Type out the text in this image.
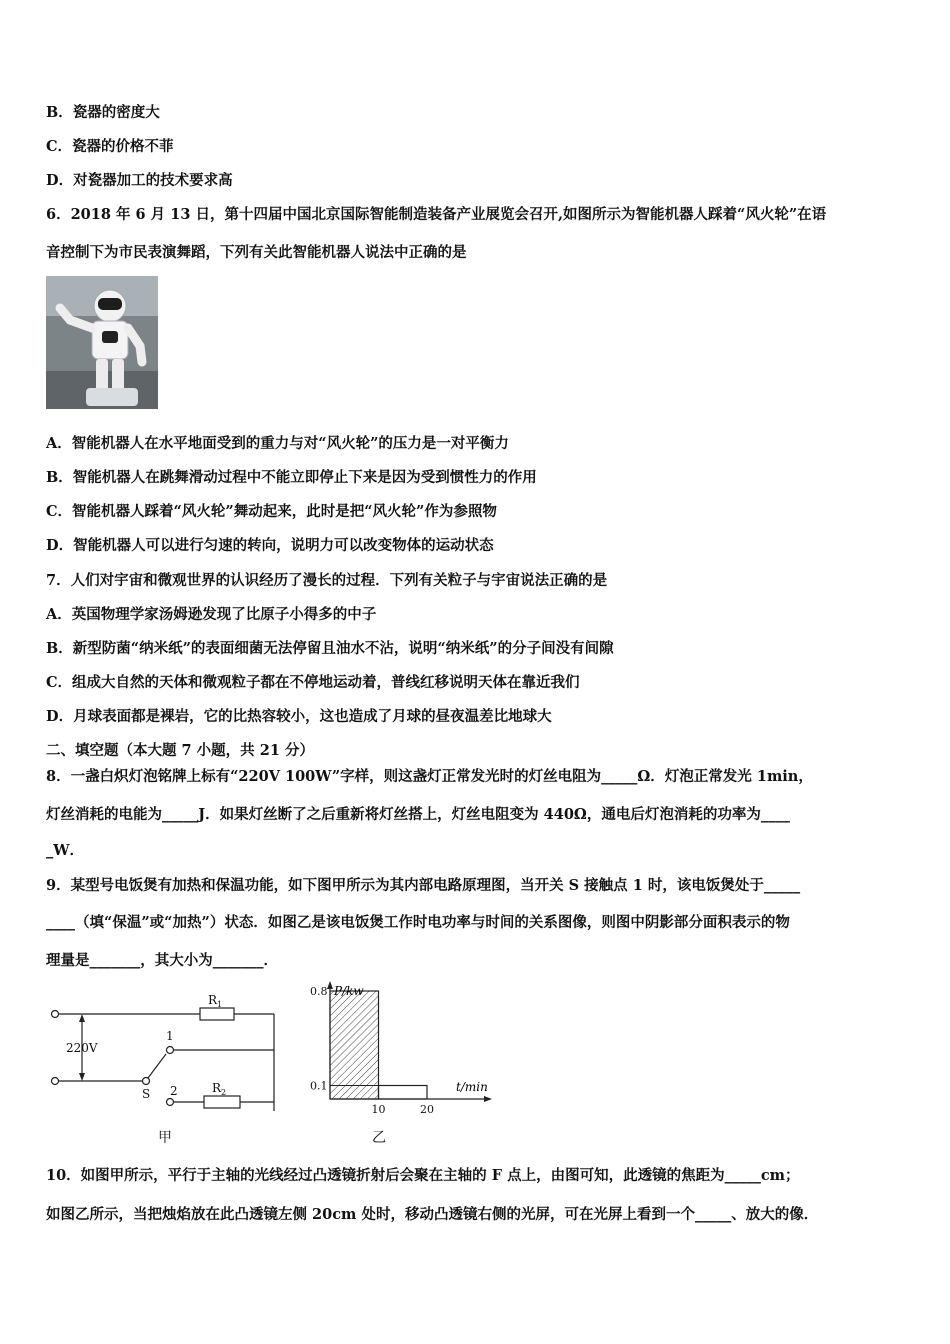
B．瓷器的密度大
C．瓷器的价格不菲
D．对瓷器加工的技术要求高
6．2018 年 6 月 13 日，第十四届中国北京国际智能制造装备产业展览会召开,如图所示为智能机器人踩着“风火轮”在语
音控制下为市民表演舞蹈，下列有关此智能机器人说法中正确的是
A．智能机器人在水平地面受到的重力与对“风火轮”的压力是一对平衡力
B．智能机器人在跳舞滑动过程中不能立即停止下来是因为受到惯性力的作用
C．智能机器人踩着“风火轮”舞动起来，此时是把“风火轮”作为参照物
D．智能机器人可以进行匀速的转向，说明力可以改变物体的运动状态
7．人们对宇宙和微观世界的认识经历了漫长的过程．下列有关粒子与宇宙说法正确的是
A．英国物理学家汤姆逊发现了比原子小得多的中子
B．新型防菌“纳米纸”的表面细菌无法停留且油水不沾，说明“纳米纸”的分子间没有间隙
C．组成大自然的天体和微观粒子都在不停地运动着，普线红移说明天体在靠近我们
D．月球表面都是裸岩，它的比热容较小，这也造成了月球的昼夜温差比地球大
二、填空题（本大题 7 小题，共 21 分）
8．一盏白炽灯泡铭牌上标有“220V 100W”字样，则这盏灯正常发光时的灯丝电阻为_____Ω．灯泡正常发光 1min，
灯丝消耗的电能为_____J．如果灯丝断了之后重新将灯丝搭上，灯丝电阻变为 440Ω，通电后灯泡消耗的功率为____
_W．
9．某型号电饭煲有加热和保温功能，如下图甲所示为其内部电路原理图，当开关 S 接触点 1 时，该电饭煲处于_____
____（填“保温”或“加热”）状态．如图乙是该电饭煲工作时电功率与时间的关系图像，则图中阴影部分面积表示的物
理量是_______，其大小为_______．
220V
$R_1$
1
S 2	$R_2$
甲
10	20
0.8
0.1
P/kw
t/min
乙
10．如图甲所示，平行于主轴的光线经过凸透镜折射后会聚在主轴的 F 点上，由图可知，此透镜的焦距为_____cm；
如图乙所示，当把烛焰放在此凸透镜左侧 20cm 处时，移动凸透镜右侧的光屏，可在光屏上看到一个_____、放大的像．
